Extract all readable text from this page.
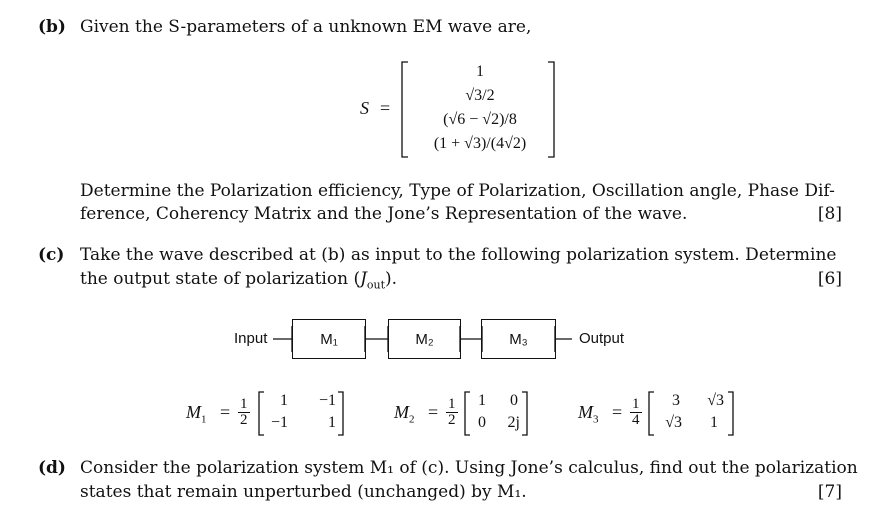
(b) Given the S-parameters of a unknown EM wave are,
S =
1
√3/2
(√6 − √2)/8
(1 + √3)/(4√2)
Determine the Polarization efficiency, Type of Polarization, Oscillation angle, Phase Dif-
ference, Coherency Matrix and the Jone’s Representation of the wave.	[8]
(c) Take the wave described at (b) as input to the following polarization system. Determine
the output state of polarization $(J_{out})$.	[6]
Input	M₁	M₂	M₃	Output
$M_1 = \frac{1}{2}$	1	−1
−1	1
$M_2 = \frac{1}{2}$	1	0
0	2j
$M_3 = \frac{1}{4}$	3	√3
√3	1
(d) Consider the polarization system M₁ of (c). Using Jone’s calculus, find out the polarization
states that remain unperturbed (unchanged) by M₁.	[7]
